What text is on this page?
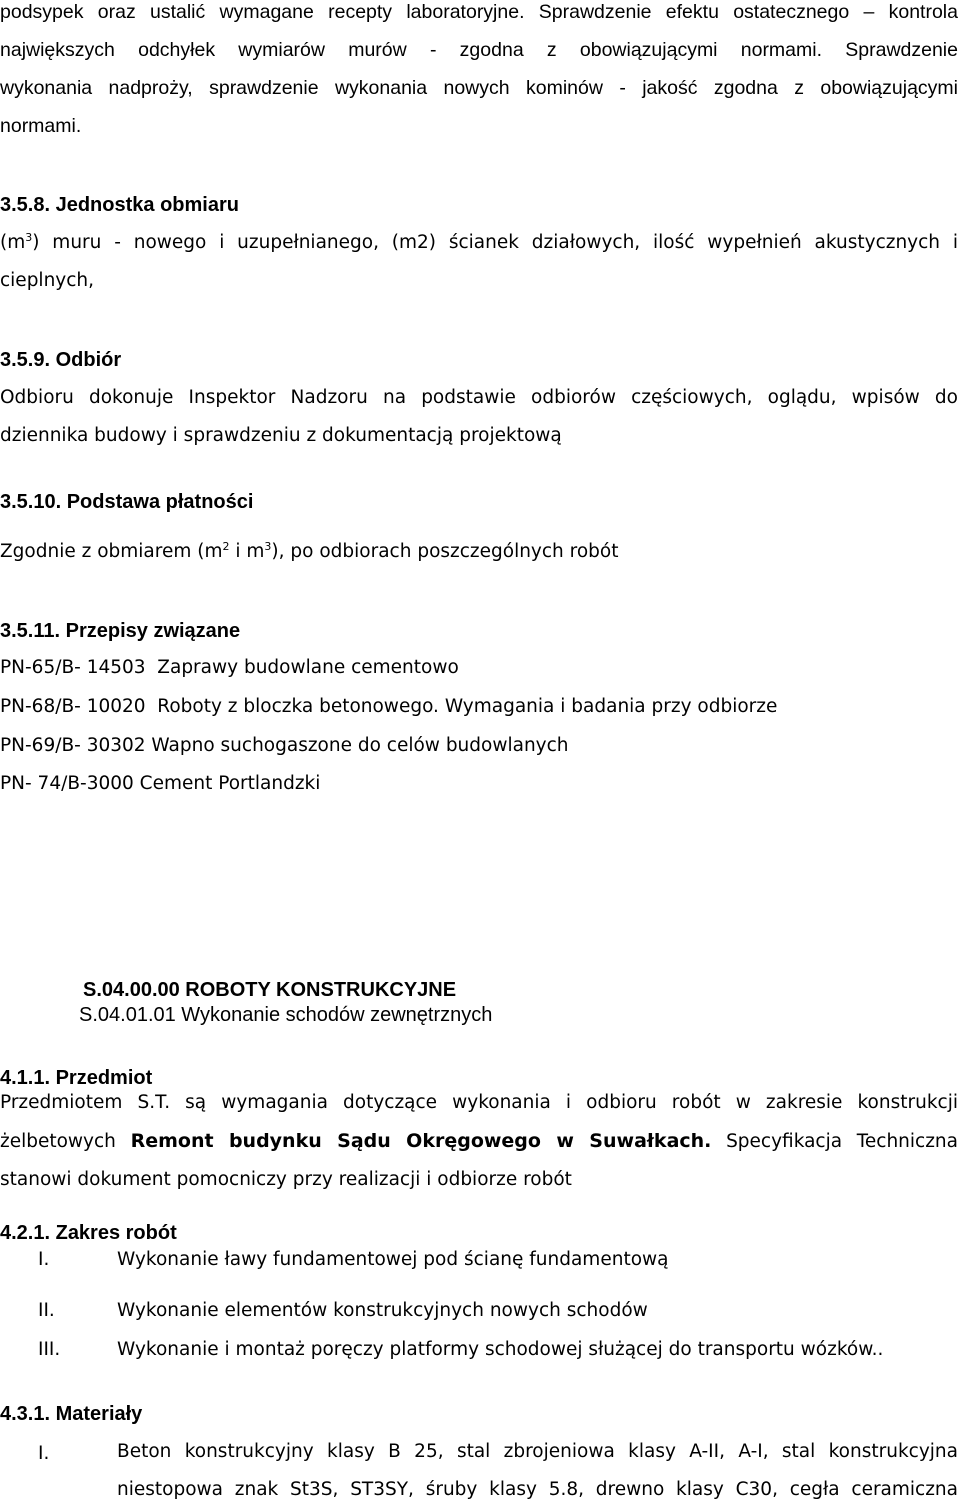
podsypek oraz ustalić wymagane recepty laboratoryjne. Sprawdzenie efektu ostatecznego – kontrola
największych odchyłek wymiarów murów - zgodna z obowiązującymi normami. Sprawdzenie
wykonania nadproży, sprawdzenie wykonania nowych kominów - jakość zgodna z obowiązującymi
normami.
3.5.8. Jednostka obmiaru
$(m^3)$ muru - nowego i uzupełnianego, (m2) ścianek działowych, ilość wypełnień akustycznych i
cieplnych,
3.5.9. Odbiór
Odbioru dokonuje Inspektor Nadzoru na podstawie odbiorów częściowych, oglądu, wpisów do
dziennika budowy i sprawdzeniu z dokumentacją projektową
3.5.10. Podstawa płatności
Zgodnie z obmiarem ($m^2$ i $m^3$), po odbiorach poszczególnych robót
3.5.11. Przepisy związane
PN-65/B- 14503  Zaprawy budowlane cementowo
PN-68/B- 10020  Roboty z bloczka betonowego. Wymagania i badania przy odbiorze
PN-69/B- 30302 Wapno suchogaszone do celów budowlanych
PN- 74/B-3000 Cement Portlandzki
S.04.00.00 ROBOTY KONSTRUKCYJNE
S.04.01.01 Wykonanie schodów zewnętrznych
4.1.1. Przedmiot
Przedmiotem S.T. są wymagania dotyczące wykonania i odbioru robót w zakresie konstrukcji
żelbetowych Remont budynku Sądu Okręgowego w Suwałkach. Specyfikacja Techniczna
stanowi dokument pomocniczy przy realizacji i odbiorze robót
4.2.1. Zakres robót
I.	Wykonanie ławy fundamentowej pod ścianę fundamentową
II.	Wykonanie elementów konstrukcyjnych nowych schodów
III.	Wykonanie i montaż poręczy platformy schodowej służącej do transportu wózków..
4.3.1. Materiały
I.	Beton konstrukcyjny klasy B 25, stal zbrojeniowa klasy A-II, A-I, stal konstrukcyjna
niestopowa znak St3S, ST3SY, śruby klasy 5.8, drewno klasy C30, cegła ceramiczna
